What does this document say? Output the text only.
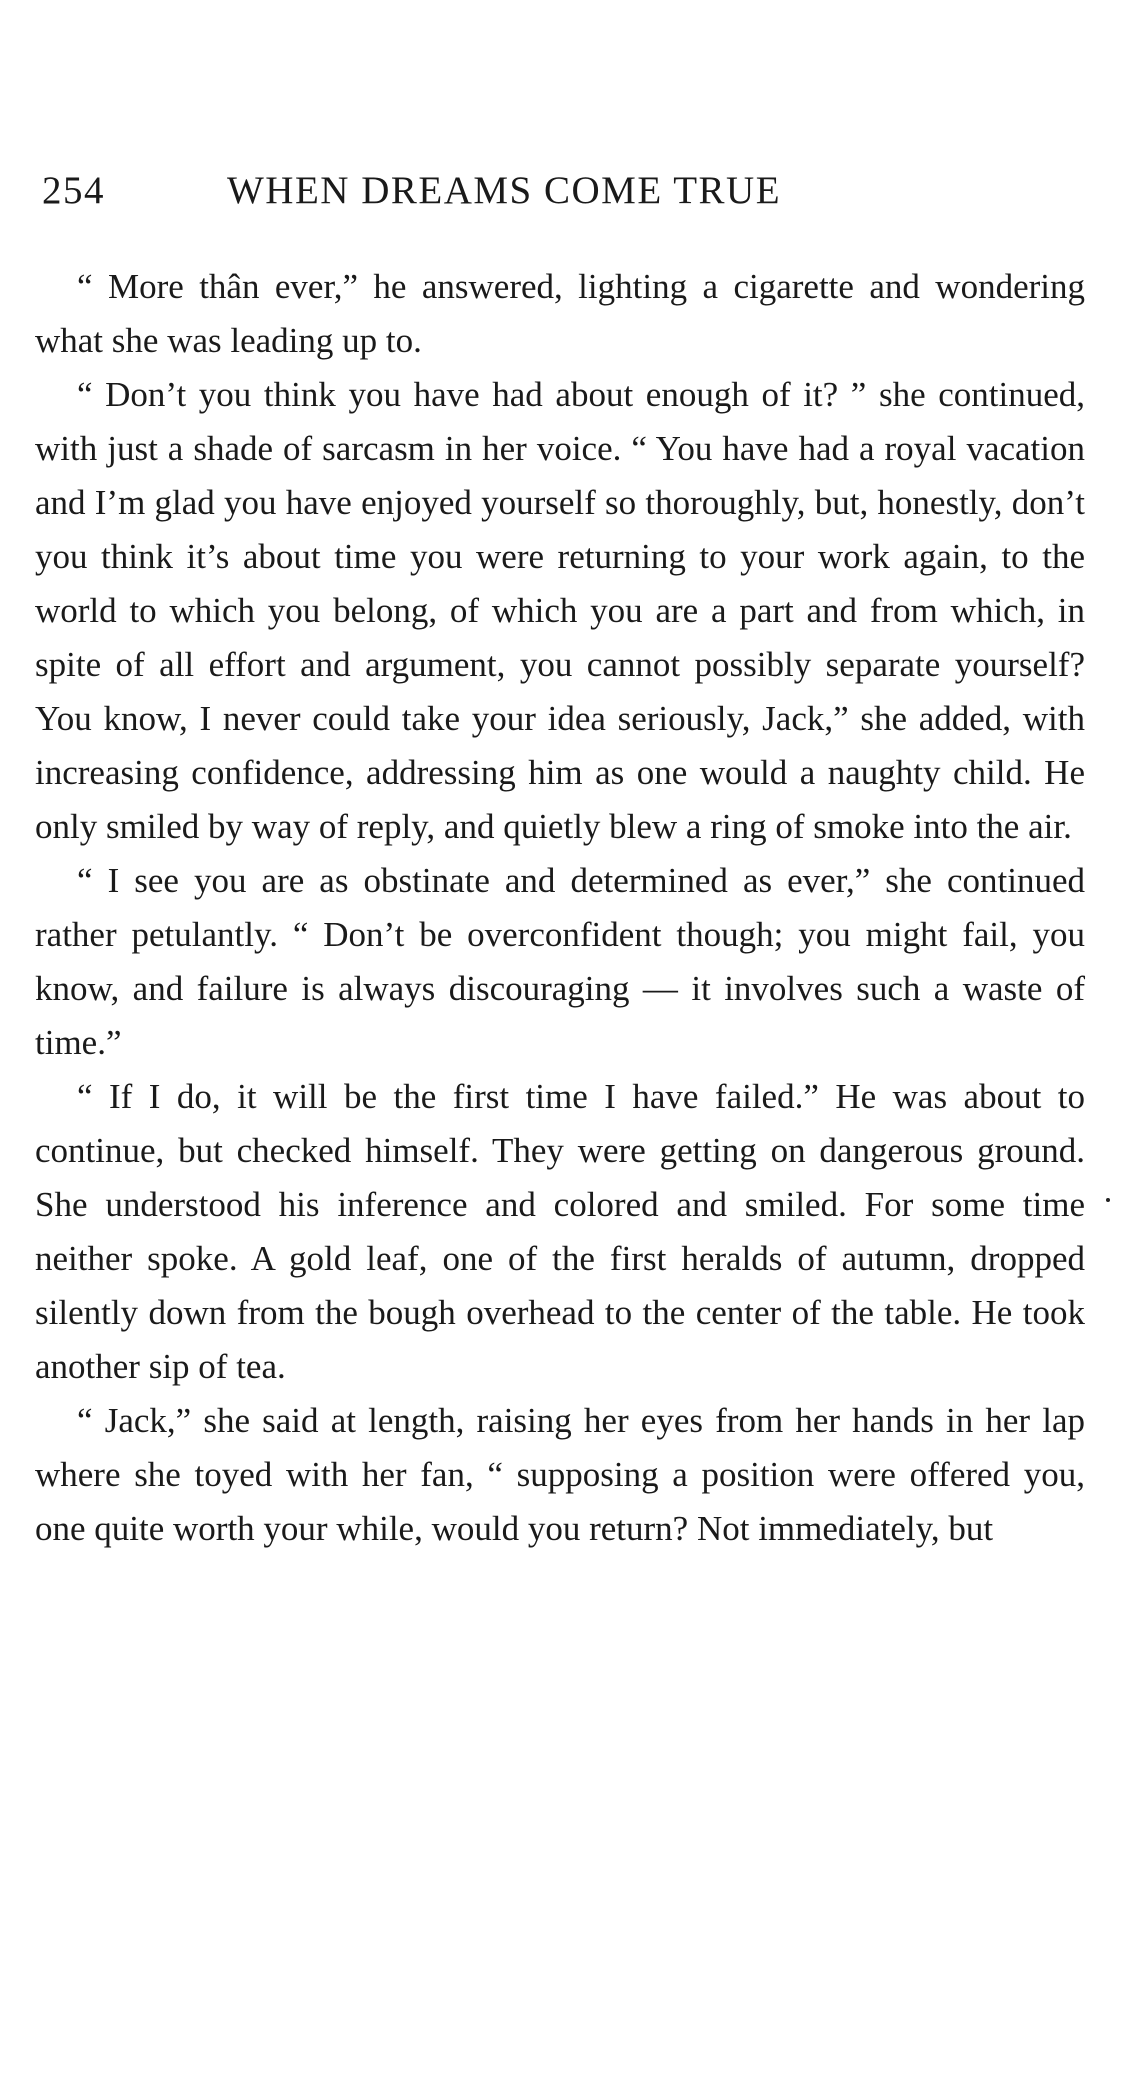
254	WHEN DREAMS COME TRUE

“ More thân ever,” he answered, lighting a cigarette and wondering what she was leading up to.

“ Don’t you think you have had about enough of it? ” she continued, with just a shade of sarcasm in her voice. “ You have had a royal vacation and I’m glad you have enjoyed yourself so thoroughly, but, honestly, don’t you think it’s about time you were returning to your work again, to the world to which you belong, of which you are a part and from which, in spite of all effort and argument, you cannot possibly separate yourself? You know, I never could take your idea seriously, Jack,” she added, with increasing confidence, addressing him as one would a naughty child. He only smiled by way of reply, and quietly blew a ring of smoke into the air.

“ I see you are as obstinate and determined as ever,” she continued rather petulantly. “ Don’t be overconfident though; you might fail, you know, and failure is always discouraging — it involves such a waste of time.”

“ If I do, it will be the first time I have failed.” He was about to continue, but checked himself. They were getting on dangerous ground. She understood his inference and colored and smiled. For some time neither spoke. A gold leaf, one of the first heralds of autumn, dropped silently down from the bough overhead to the center of the table. He took another sip of tea.

“ Jack,” she said at length, raising her eyes from her hands in her lap where she toyed with her fan, “ supposing a position were offered you, one quite worth your while, would you return? Not immediately, but
